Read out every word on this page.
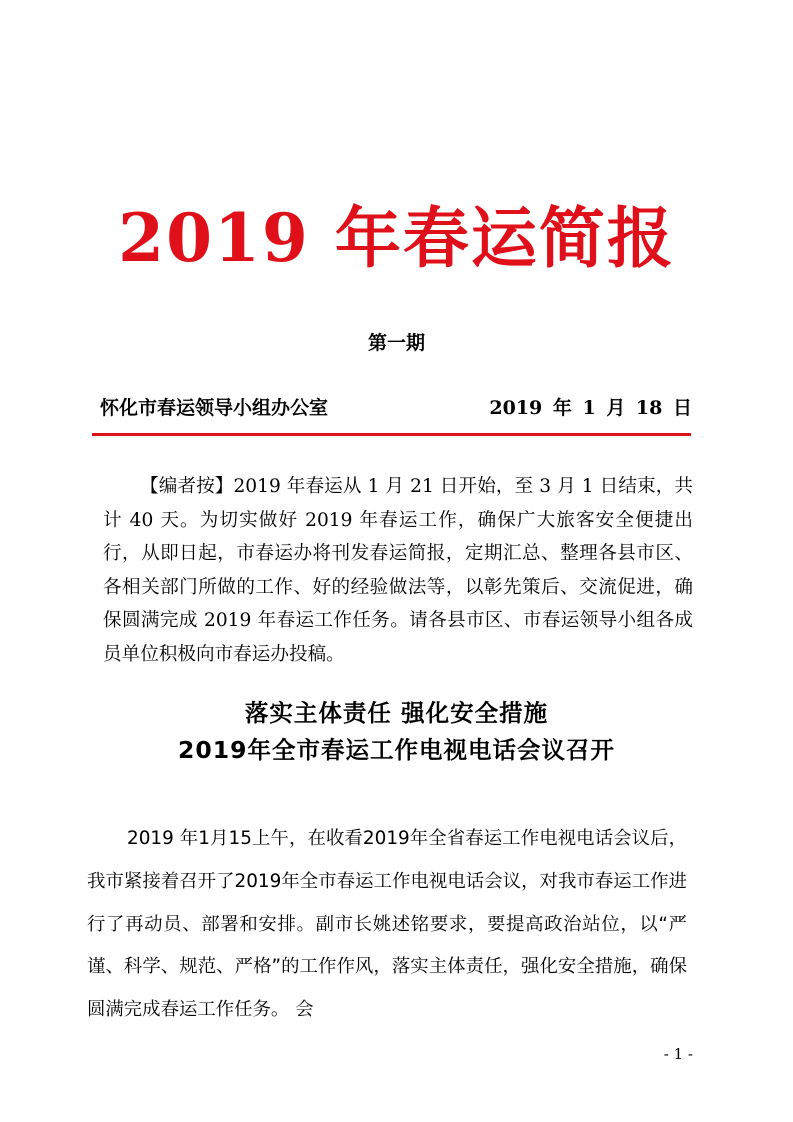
2019 年春运简报
第一期
怀化市春运领导小组办公室	2019 年 1 月 18 日

【编者按】2019 年春运从 1 月 21 日开始，至 3 月 1 日结束，共计 40 天。为切实做好 2019 年春运工作，确保广大旅客安全便捷出行，从即日起，市春运办将刊发春运简报，定期汇总、整理各县市区、各相关部门所做的工作、好的经验做法等，以彰先策后、交流促进，确保圆满完成 2019 年春运工作任务。请各县市区、市春运领导小组各成员单位积极向市春运办投稿。

落实主体责任 强化安全措施
2019年全市春运工作电视电话会议召开

2019 年1月15上午，在收看2019年全省春运工作电视电话会议后，我市紧接着召开了2019年全市春运工作电视电话会议，对我市春运工作进行了再动员、部署和安排。副市长姚述铭要求，要提高政治站位，以“严谨、科学、规范、严格”的工作作风，落实主体责任，强化安全措施，确保圆满完成春运工作任务。 会

- 1 -
